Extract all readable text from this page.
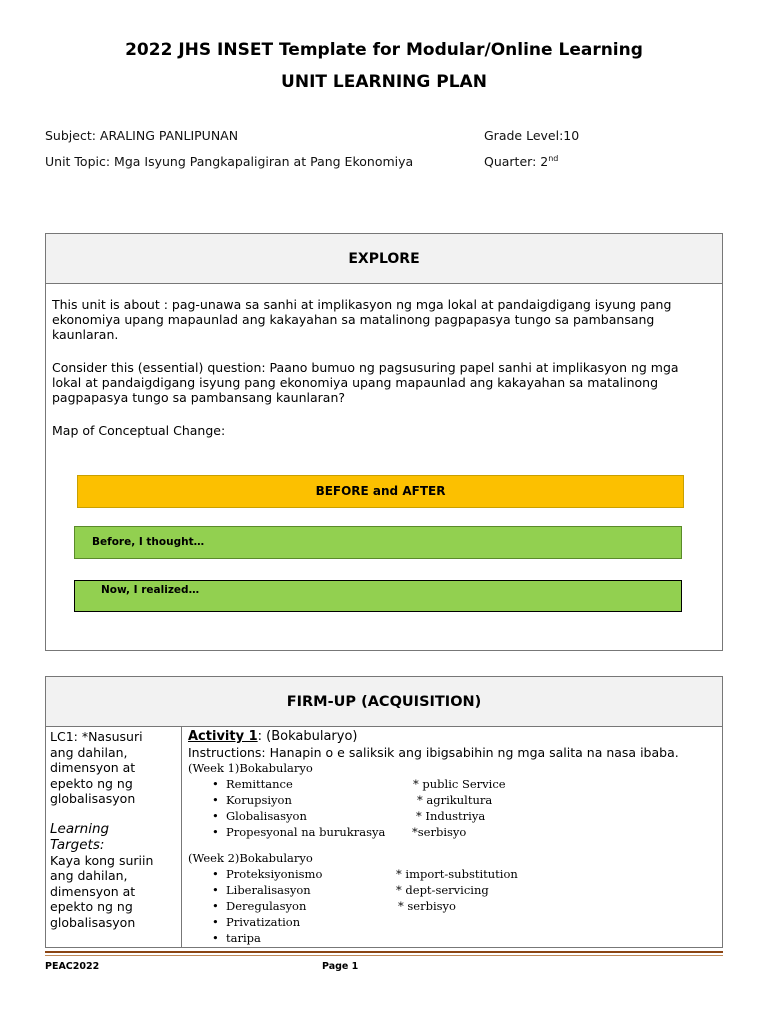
2022 JHS INSET Template for Modular/Online Learning
UNIT LEARNING PLAN
Subject: ARALING PANLIPUNAN	Grade Level:10
Unit Topic: Mga Isyung Pangkapaligiran at Pang Ekonomiya	Quarter: 2nd
EXPLORE
This unit is about : pag-unawa sa sanhi at implikasyon ng mga lokal at pandaigdigang isyung pang ekonomiya upang mapaunlad ang kakayahan sa matalinong pagpapasya tungo sa pambansang kaunlaran.
Consider this (essential) question: Paano bumuo ng pagsusuring papel sanhi at implikasyon ng mga lokal at pandaigdigang isyung pang ekonomiya upang mapaunlad ang kakayahan sa matalinong pagpapasya tungo sa pambansang kaunlaran?
Map of Conceptual Change:
BEFORE and AFTER
Before, I thought…
Now, I realized…
FIRM-UP (ACQUISITION)
LC1: *Nasusuri
ang dahilan,
dimensyon at
epekto ng ng
globalisasyon
Learning Targets:
Kaya kong suriin
ang dahilan,
dimensyon at
epekto ng ng
globalisasyon
Activity 1: (Bokabularyo)
Instructions: Hanapin o e saliksik ang ibigsabihin ng mga salita na nasa ibaba.
(Week 1)Bokabularyo
• Remittance	* public Service
• Korupsiyon	* agrikultura
• Globalisasyon	* Industriya
• Propesyonal na burukrasya *serbisyo
(Week 2)Bokabularyo
• Proteksiyonismo	* import-substitution
• Liberalisasyon	* dept-servicing
• Deregulasyon	* serbisyo
• Privatization
• taripa
PEAC2022	Page 1
